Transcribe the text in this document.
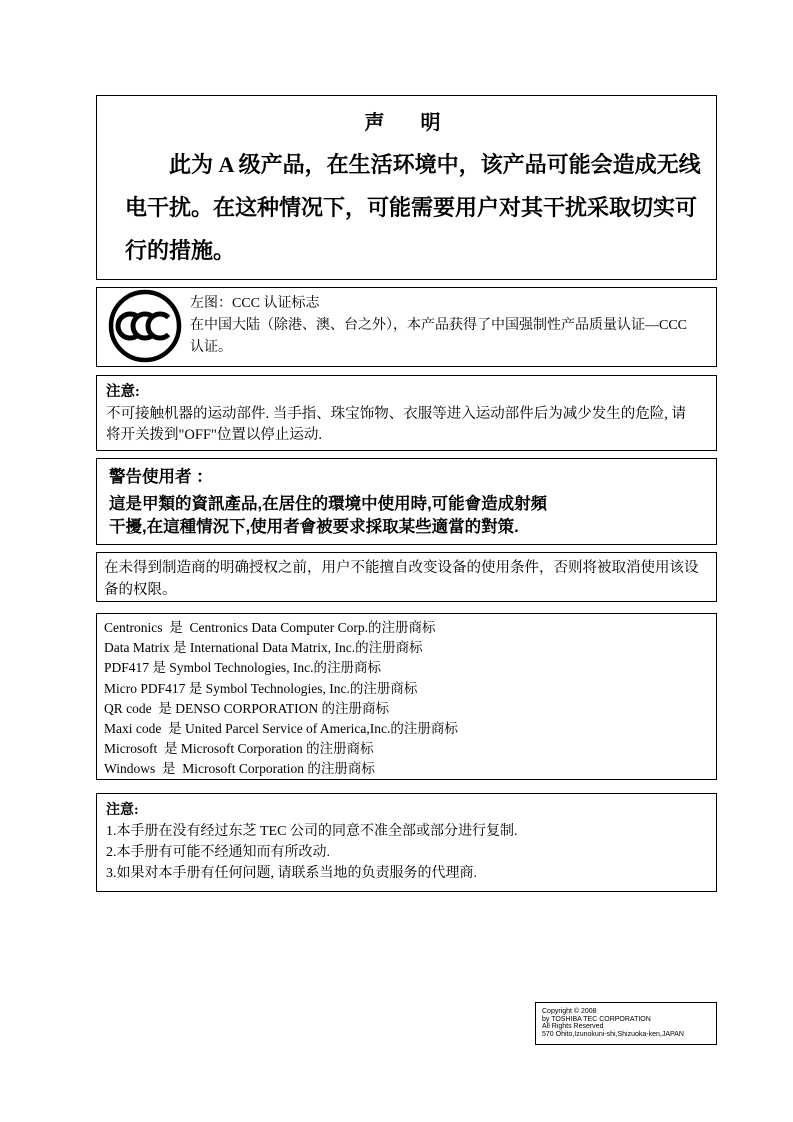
声　明
此为 A 级产品，在生活环境中，该产品可能会造成无线
电干扰。在这种情况下，可能需要用户对其干扰采取切实可
行的措施。
左图：CCC 认证标志
在中国大陆（除港、澳、台之外），本产品获得了中国强制性产品质量认证—CCC
认证。
注意:
不可接触机器的运动部件. 当手指、珠宝饰物、衣服等进入运动部件后为减少发生的危险, 请
将开关拨到"OFF"位置以停止运动.
警告使用者 ：
這是甲類的資訊產品,在居住的環境中使用時,可能會造成射頻
干擾,在這種情況下,使用者會被要求採取某些適當的對策.
在未得到制造商的明确授权之前，用户不能擅自改变设备的使用条件，否则将被取消使用该设
备的权限。
Centronics  是  Centronics Data Computer Corp.的注册商标
Data Matrix 是 International Data Matrix, Inc.的注册商标
PDF417 是 Symbol Technologies, Inc.的注册商标
Micro PDF417 是 Symbol Technologies, Inc.的注册商标
QR code  是 DENSO CORPORATION 的注册商标
Maxi code  是 United Parcel Service of America,Inc.的注册商标
Microsoft  是 Microsoft Corporation 的注册商标
Windows  是  Microsoft Corporation 的注册商标
注意:
1.本手册在没有经过东芝 TEC 公司的同意不准全部或部分进行复制.
2.本手册有可能不经通知而有所改动.
3.如果对本手册有任何问题, 请联系当地的负责服务的代理商.
Copyright © 2008
by TOSHIBA TEC CORPORATION
All Rights Reserved
570 Ohito,Izunokuni-shi,Shizuoka-ken,JAPAN
